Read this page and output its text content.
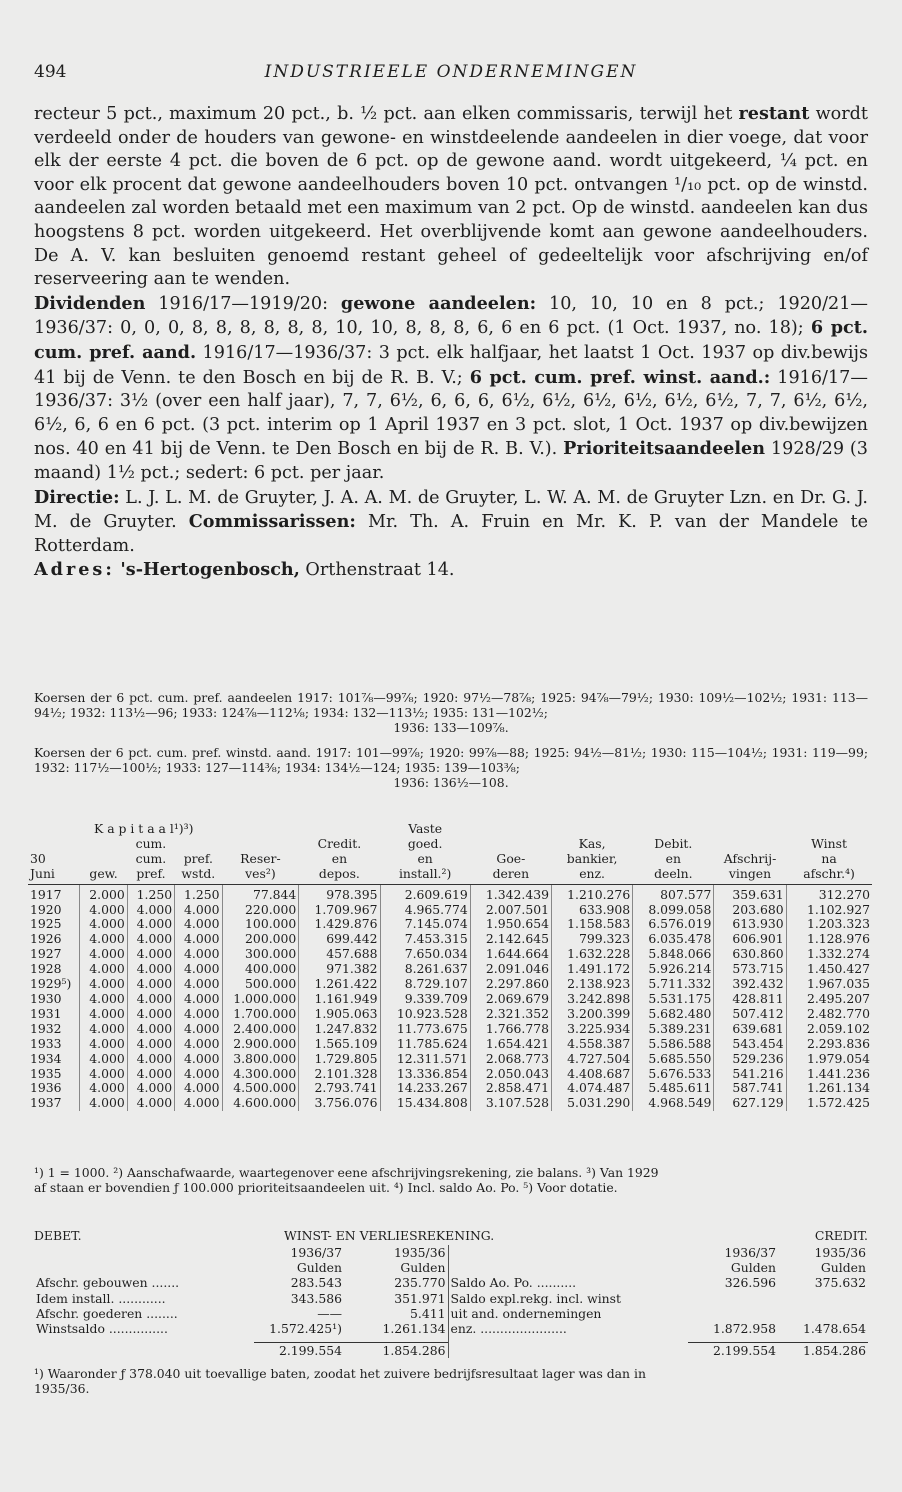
494	INDUSTRIEELE ONDERNEMINGEN

recteur 5 pct., maximum 20 pct., b. ½ pct. aan elken commissaris, terwijl het restant wordt verdeeld onder de houders van gewone- en winstdeelende aandeelen in dier voege, dat voor elk der eerste 4 pct. die boven de 6 pct. op de gewone aand. wordt uitgekeerd, ¼ pct. en voor elk procent dat gewone aandeelhouders boven 10 pct. ontvangen ¹/₁₀ pct. op de winstd. aandeelen zal worden betaald met een maximum van 2 pct. Op de winstd. aandeelen kan dus hoogstens 8 pct. worden uitgekeerd. Het overblijvende komt aan gewone aandeelhouders. De A. V. kan besluiten genoemd restant geheel of gedeeltelijk voor afschrijving en/of reserveering aan te wenden.

Dividenden 1916/17—1919/20: gewone aandeelen: 10, 10, 10 en 8 pct.; 1920/21—1936/37: 0, 0, 0, 8, 8, 8, 8, 8, 8, 10, 10, 8, 8, 8, 6, 6 en 6 pct. (1 Oct. 1937, no. 18); 6 pct. cum. pref. aand. 1916/17—1936/37: 3 pct. elk halfjaar, het laatst 1 Oct. 1937 op div.bewijs 41 bij de Venn. te den Bosch en bij de R. B. V.; 6 pct. cum. pref. winst. aand.: 1916/17—1936/37: 3½ (over een half jaar), 7, 7, 6½, 6, 6, 6, 6½, 6½, 6½, 6½, 6½, 6½, 7, 7, 6½, 6½, 6½, 6, 6 en 6 pct. (3 pct. interim op 1 April 1937 en 3 pct. slot, 1 Oct. 1937 op div.bewijzen nos. 40 en 41 bij de Venn. te Den Bosch en bij de R. B. V.). Prioriteitsaandeelen 1928/29 (3 maand) 1½ pct.; sedert: 6 pct. per jaar.

Directie: L. J. L. M. de Gruyter, J. A. A. M. de Gruyter, L. W. A. M. de Gruyter Lzn. en Dr. G. J. M. de Gruyter. Commissarissen: Mr. Th. A. Fruin en Mr. K. P. van der Mandele te Rotterdam.

Adres: 's-Hertogenbosch, Orthenstraat 14.

Koersen der 6 pct. cum. pref. aandeelen 1917: 101⅞—99⅞; 1920: 97½—78⅞; 1925: 94⅞—79½; 1930: 109½—102½; 1931: 113—94½; 1932: 113½—96; 1933: 124⅞—112⅛; 1934: 132—113½; 1935: 131—102½;

1936: 133—109⅞.

Koersen der 6 pct. cum. pref. winstd. aand. 1917: 101—99⅞; 1920: 99⅞—88; 1925: 94½—81½; 1930: 115—104½; 1931: 119—99; 1932: 117½—100½; 1933: 127—114⅜; 1934: 134½—124; 1935: 139—103⅜;

1936: 136½—108.

K a p i t a a l¹)³)						Vaste					
		cum.			Credit.	goed.		Kas,	Debit.		Winst
30		cum.	pref.	Reser-	en	en	Goe-	bankier,	en	Afschrij-	na
Juni	gew.	pref.	wstd.	ves²)	depos.	install.²)	deren	enz.	deeln.	vingen	afschr.⁴)
1917	2.000	1.250	1.250	77.844	978.395	2.609.619	1.342.439	1.210.276	807.577	359.631	312.270
1920	4.000	4.000	4.000	220.000	1.709.967	4.965.774	2.007.501	633.908	8.099.058	203.680	1.102.927
1925	4.000	4.000	4.000	100.000	1.429.876	7.145.074	1.950.654	1.158.583	6.576.019	613.930	1.203.323
1926	4.000	4.000	4.000	200.000	699.442	7.453.315	2.142.645	799.323	6.035.478	606.901	1.128.976
1927	4.000	4.000	4.000	300.000	457.688	7.650.034	1.644.664	1.632.228	5.848.066	630.860	1.332.274
1928	4.000	4.000	4.000	400.000	971.382	8.261.637	2.091.046	1.491.172	5.926.214	573.715	1.450.427
1929⁵)	4.000	4.000	4.000	500.000	1.261.422	8.729.107	2.297.860	2.138.923	5.711.332	392.432	1.967.035
1930	4.000	4.000	4.000	1.000.000	1.161.949	9.339.709	2.069.679	3.242.898	5.531.175	428.811	2.495.207
1931	4.000	4.000	4.000	1.700.000	1.905.063	10.923.528	2.321.352	3.200.399	5.682.480	507.412	2.482.770
1932	4.000	4.000	4.000	2.400.000	1.247.832	11.773.675	1.766.778	3.225.934	5.389.231	639.681	2.059.102
1933	4.000	4.000	4.000	2.900.000	1.565.109	11.785.624	1.654.421	4.558.387	5.586.588	543.454	2.293.836
1934	4.000	4.000	4.000	3.800.000	1.729.805	12.311.571	2.068.773	4.727.504	5.685.550	529.236	1.979.054
1935	4.000	4.000	4.000	4.300.000	2.101.328	13.336.854	2.050.043	4.408.687	5.676.533	541.216	1.441.236
1936	4.000	4.000	4.000	4.500.000	2.793.741	14.233.267	2.858.471	4.074.487	5.485.611	587.741	1.261.134
1937	4.000	4.000	4.000	4.600.000	3.756.076	15.434.808	3.107.528	5.031.290	4.968.549	627.129	1.572.425

¹) 1 = 1000. ²) Aanschafwaarde, waartegenover eene afschrijvingsrekening, zie balans. ³) Van 1929

af staan er bovendien ƒ 100.000 prioriteitsaandeelen uit. ⁴) Incl. saldo Ao. Po. ⁵) Voor dotatie.

DEBET.	WINST- EN VERLIESREKENING.	CREDIT.
	1936/37	1935/36		1936/37	1935/36
	Gulden	Gulden		Gulden	Gulden
Afschr. gebouwen .......	283.543	235.770	Saldo Ao. Po. ..........	326.596	375.632
Idem install. ............	343.586	351.971	Saldo expl.rekg. incl. winst		
Afschr. goederen ........	——	5.411	uit and. ondernemingen		
Winstsaldo ...............	1.572.425¹)	1.261.134	enz. ......................	1.872.958	1.478.654

	2.199.554	1.854.286		2.199.554	1.854.286

¹) Waaronder ƒ 378.040 uit toevallige baten, zoodat het zuivere bedrijfsresultaat lager was dan in

1935/36.
